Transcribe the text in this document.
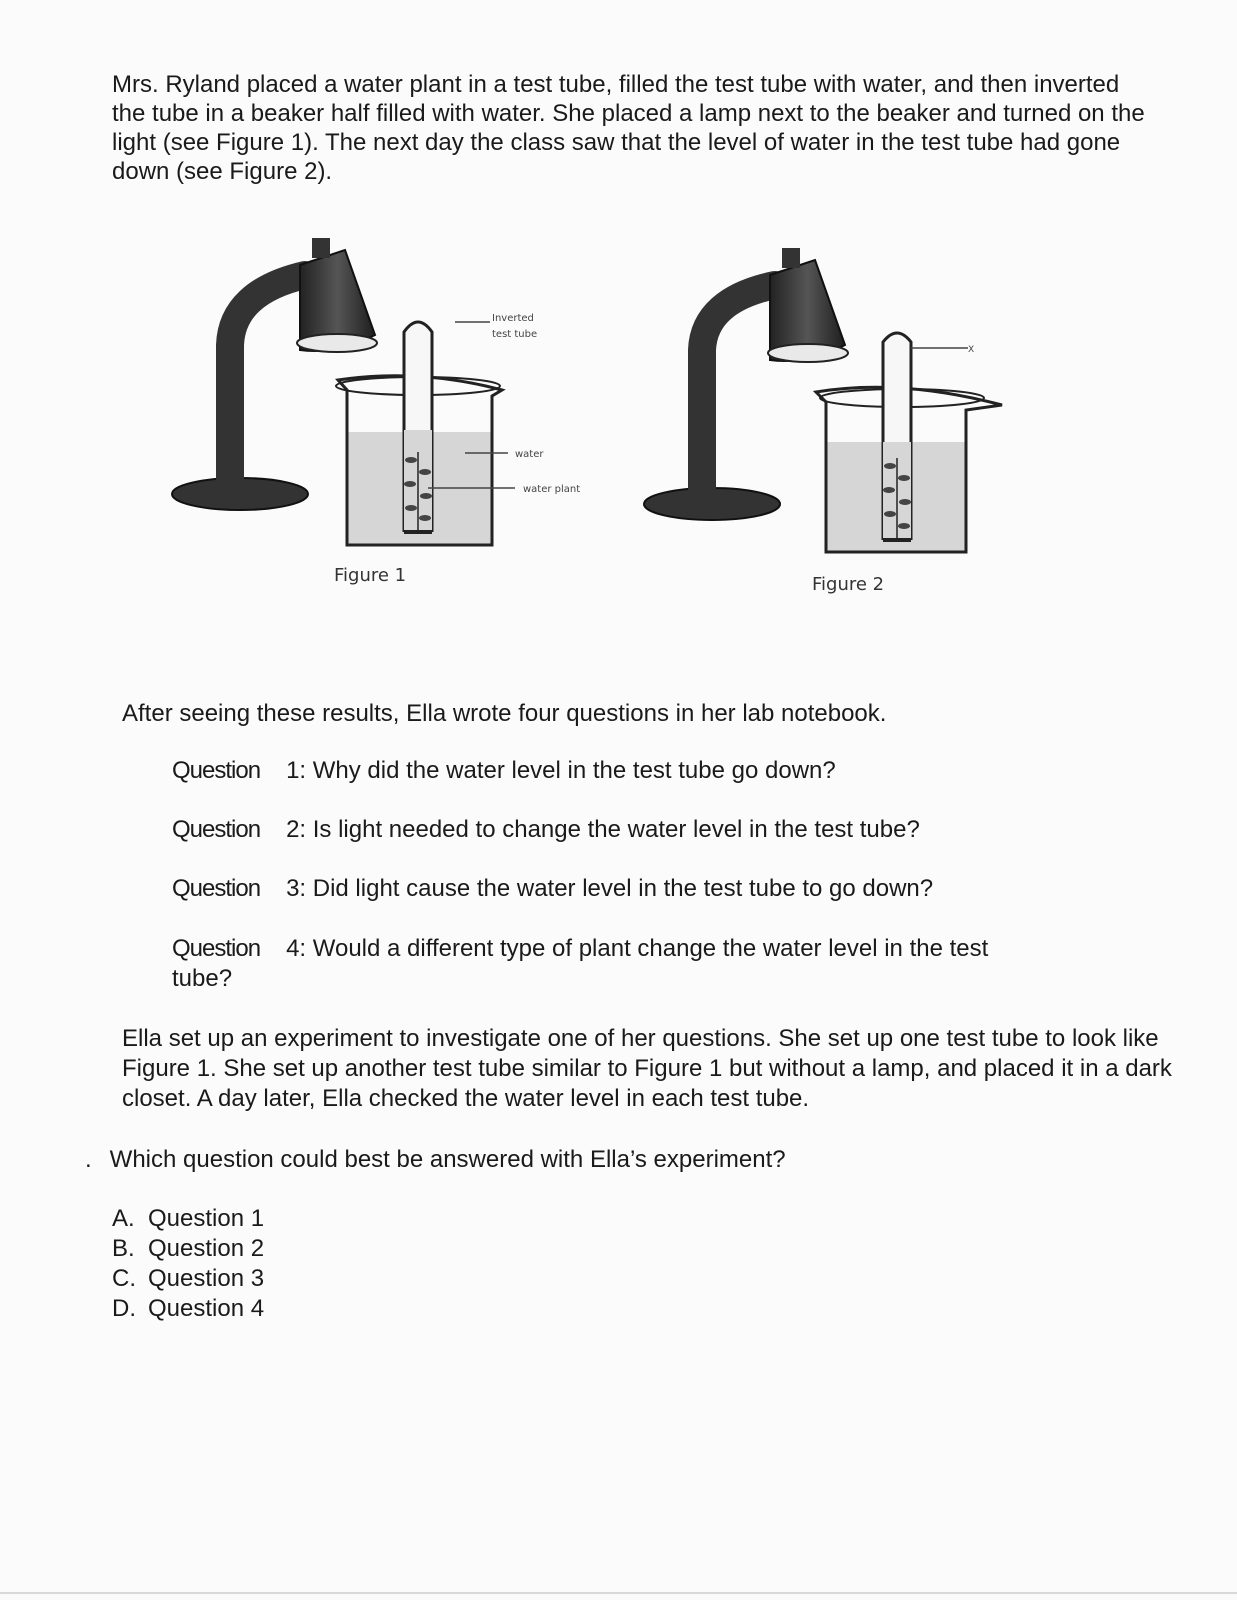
Mrs. Ryland placed a water plant in a test tube, filled the test tube with water, and then inverted the tube in a beaker half filled with water. She placed a lamp next to the beaker and turned on the light (see Figure 1). The next day the class saw that the level of water in the test tube had gone down (see Figure 2).

Inverted
test tube
water
water plant
X
Figure 1	Figure 2

After seeing these results, Ella wrote four questions in her lab notebook.

Question 1: Why did the water level in the test tube go down?

Question 2: Is light needed to change the water level in the test tube?

Question 3: Did light cause the water level in the test tube to go down?

Question 4: Would a different type of plant change the water level in the test tube?

Ella set up an experiment to investigate one of her questions. She set up one test tube to look like Figure 1. She set up another test tube similar to Figure 1 but without a lamp, and placed it in a dark closet. A day later, Ella checked the water level in each test tube.

. Which question could best be answered with Ella’s experiment?

A. Question 1
B. Question 2
C. Question 3
D. Question 4
